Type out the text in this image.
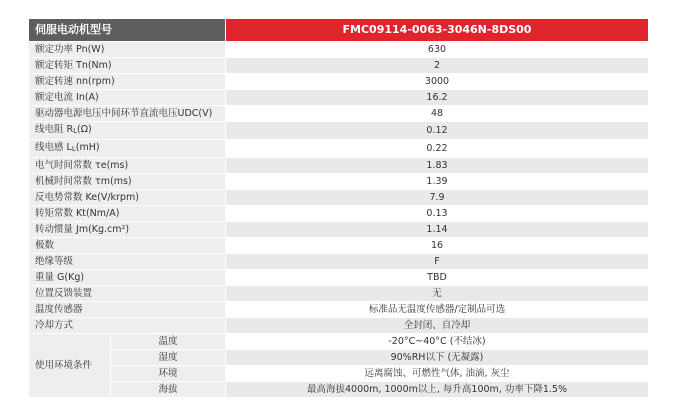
伺服电动机型号		FMC09114-0063-3046N-8DS00
额定功率 Pn(W)		630
额定转矩 Tn(Nm)		2
额定转速 nn(rpm)		3000
额定电流 In(A)		16.2
驱动器电源电压中间环节直流电压UDC(V)		48
线电阻 $R_L(\Omega)$		0.12
线电感 $L_L(mH)$		0.22
电气时间常数 τe(ms)		1.83
机械时间常数 τm(ms)		1.39
反电势常数 Ke(V/krpm)		7.9
转矩常数 Kt(Nm/A)		0.13
转动惯量 Jm(Kg.cm²)		1.14
极数		16
绝缘等级		F
重量 G(Kg)		TBD
位置反馈装置		无
温度传感器		标准品无温度传感器/定制品可选
冷却方式		全封闭、自冷却
使用环境条件	温度	-20°C~40°C (不结冰)
	湿度	90%RH以下 (无凝露)
	环境	远离腐蚀、可燃性气体, 油滴, 灰尘
	海拔	最高海拔4000m, 1000m以上, 每升高100m, 功率下降1.5%
